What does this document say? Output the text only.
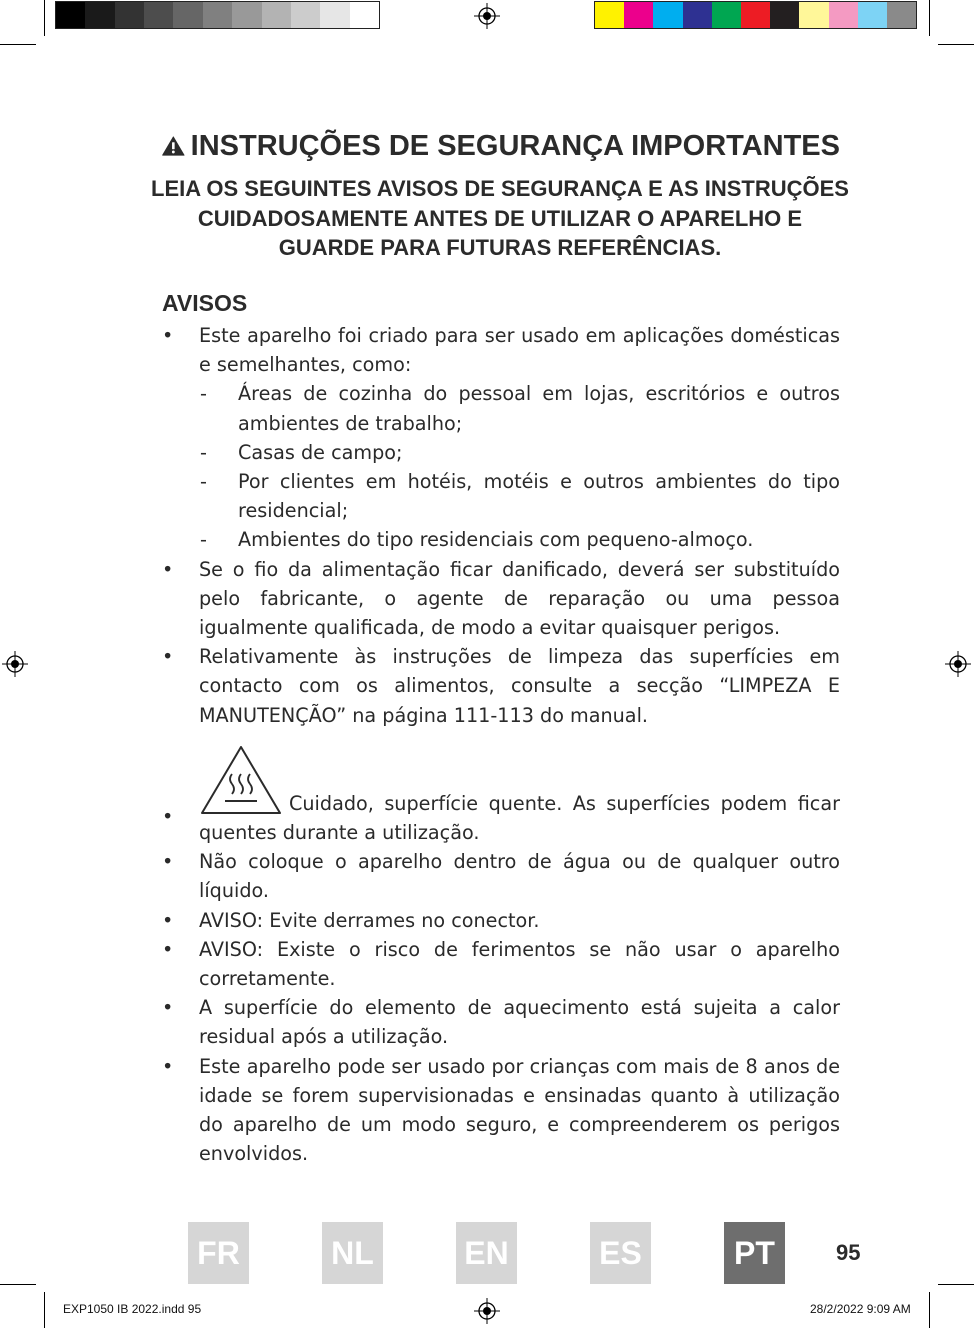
INSTRUÇÕES DE SEGURANÇA IMPORTANTES
LEIA OS SEGUINTES AVISOS DE SEGURANÇA E AS INSTRUÇÕES
CUIDADOSAMENTE ANTES DE UTILIZAR O APARELHO E
GUARDE PARA FUTURAS REFERÊNCIAS.
AVISOS
• Este aparelho foi criado para ser usado em aplicações domésticas e semelhantes, como:
- Áreas de cozinha do pessoal em lojas, escritórios e outros ambientes de trabalho;
- Casas de campo;
- Por clientes em hotéis, motéis e outros ambientes do tipo residencial;
- Ambientes do tipo residenciais com pequeno-almoço.
• Se o fio da alimentação ficar danificado, deverá ser substituído pelo fabricante, o agente de reparação ou uma pessoa igualmente qualificada, de modo a evitar quaisquer perigos.
• Relativamente às instruções de limpeza das superfícies em contacto com os alimentos, consulte a secção “LIMPEZA E MANUTENÇÃO” na página 111-113 do manual.
•
Cuidado, superfície quente. As superfícies podem ficar quentes durante a utilização.
• Não coloque o aparelho dentro de água ou de qualquer outro líquido.
• AVISO: Evite derrames no conector.
• AVISO: Existe o risco de ferimentos se não usar o aparelho corretamente.
• A superfície do elemento de aquecimento está sujeita a calor residual após a utilização.
• Este aparelho pode ser usado por crianças com mais de 8 anos de idade se forem supervisionadas e ensinadas quanto à utilização do aparelho de um modo seguro, e compreenderem os perigos envolvidos.
FR	NL	EN	ES	PT	95
EXP1050 IB 2022.indd 95	28/2/2022 9:09 AM
